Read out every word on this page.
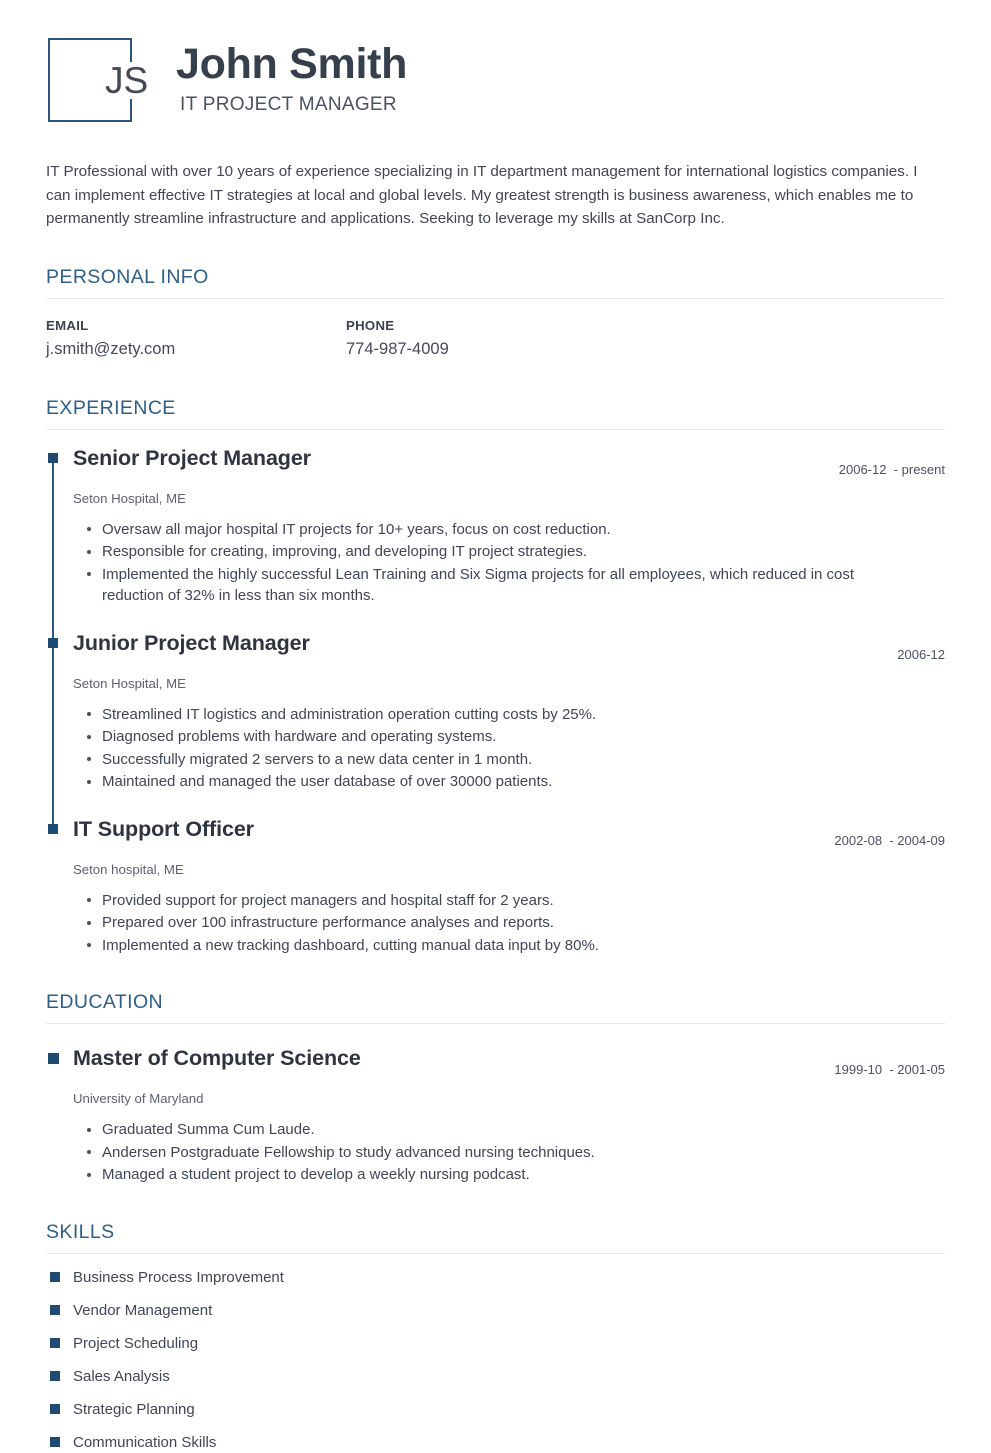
JS John Smith
IT PROJECT MANAGER
IT Professional with over 10 years of experience specializing in IT department management for international logistics companies. I can implement effective IT strategies at local and global levels. My greatest strength is business awareness, which enables me to permanently streamline infrastructure and applications. Seeking to leverage my skills at SanCorp Inc.
PERSONAL INFO
EMAIL
j.smith@zety.com
PHONE
774-987-4009
EXPERIENCE
Senior Project Manager	2006-12  - present
Seton Hospital, ME
Oversaw all major hospital IT projects for 10+ years, focus on cost reduction.
Responsible for creating, improving, and developing IT project strategies.
Implemented the highly successful Lean Training and Six Sigma projects for all employees, which reduced in cost reduction of 32% in less than six months.
Junior Project Manager	2006-12
Seton Hospital, ME
Streamlined IT logistics and administration operation cutting costs by 25%.
Diagnosed problems with hardware and operating systems.
Successfully migrated 2 servers to a new data center in 1 month.
Maintained and managed the user database of over 30000 patients.
IT Support Officer	2002-08  - 2004-09
Seton hospital, ME
Provided support for project managers and hospital staff for 2 years.
Prepared over 100 infrastructure performance analyses and reports.
Implemented a new tracking dashboard, cutting manual data input by 80%.
EDUCATION
Master of Computer Science	1999-10  - 2001-05
University of Maryland
Graduated Summa Cum Laude.
Andersen Postgraduate Fellowship to study advanced nursing techniques.
Managed a student project to develop a weekly nursing podcast.
SKILLS
Business Process Improvement
Vendor Management
Project Scheduling
Sales Analysis
Strategic Planning
Communication Skills
